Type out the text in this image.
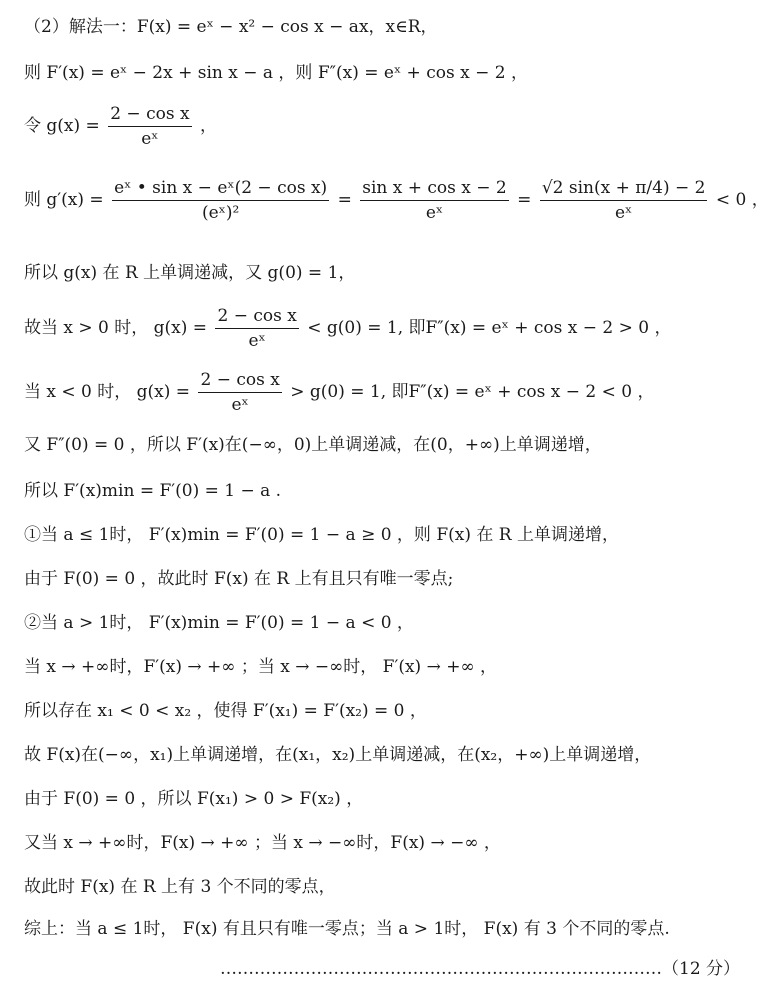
（2）解法一：F(x) = eˣ − x² − cos x − ax，x∈R，
则 F′(x) = eˣ − 2x + sin x − a ，则 F″(x) = eˣ + cos x − 2 ，
令 $g(x) = \frac{\text{2 − cos x}}{\text{eˣ}}$ ，
则 $g'(x) = \frac{\text{eˣ • sin x − eˣ(2 − cos x)}}{\text{(eˣ)²}} = \frac{\text{sin x + cos x − 2}}{\text{eˣ}} = \frac{√2 \sin(x + \pi/4) - 2}{\text{eˣ}} < 0$ ，
所以 g(x) 在 R 上单调递减，又 g(0) = 1，
故当 x > 0 时， $g(x) = \frac{\text{2 − cos x}}{\text{eˣ}} < g(0) = 1$, 即F″(x) = eˣ + cos x − 2 > 0 ，
当 x < 0 时， $g(x) = \frac{\text{2 − cos x}}{\text{eˣ}} > g(0) = 1$, 即F″(x) = eˣ + cos x − 2 < 0 ，
又 F″(0) = 0 ，所以 F′(x)在(−∞，0)上单调递减，在(0，+∞)上单调递增，
所以 F′(x)min = F′(0) = 1 − a .
①当 a ≤ 1时， F′(x)min = F′(0) = 1 − a ≥ 0 ，则 F(x) 在 R 上单调递增，
由于 F(0) = 0 ，故此时 F(x) 在 R 上有且只有唯一零点;
②当 a > 1时， F′(x)min = F′(0) = 1 − a < 0 ，
当 x → +∞时，F′(x) → +∞ ；当 x → −∞时， F′(x) → +∞ ，
所以存在 x₁ < 0 < x₂ ，使得 F′(x₁) = F′(x₂) = 0 ，
故 F(x)在(−∞，x₁)上单调递增，在(x₁，x₂)上单调递减，在(x₂，+∞)上单调递增，
由于 F(0) = 0 ，所以 F(x₁) > 0 > F(x₂) ，
又当 x → +∞时，F(x) → +∞ ；当 x → −∞时，F(x) → −∞ ，
故此时 F(x) 在 R 上有 3 个不同的零点，
综上：当 a ≤ 1时， F(x) 有且只有唯一零点；当 a > 1时， F(x) 有 3 个不同的零点.
……………………………………………………………………（12 分）
